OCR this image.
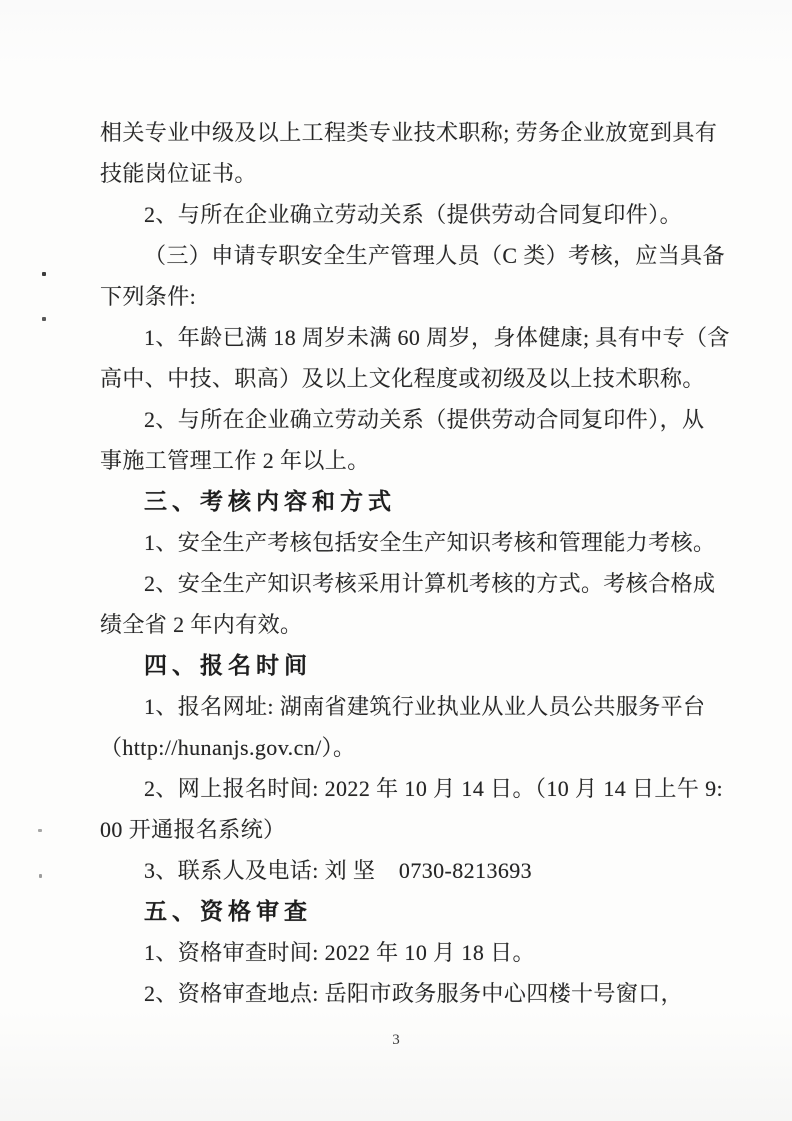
相关专业中级及以上工程类专业技术职称; 劳务企业放宽到具有

技能岗位证书。

2、与所在企业确立劳动关系（提供劳动合同复印件）。

（三）申请专职安全生产管理人员（C 类）考核，应当具备

下列条件:

1、年龄已满 18 周岁未满 60 周岁，身体健康; 具有中专（含

高中、中技、职高）及以上文化程度或初级及以上技术职称。

2、与所在企业确立劳动关系（提供劳动合同复印件），从

事施工管理工作 2 年以上。

三、考核内容和方式

1、安全生产考核包括安全生产知识考核和管理能力考核。

2、安全生产知识考核采用计算机考核的方式。考核合格成

绩全省 2 年内有效。

四、报名时间

1、报名网址: 湖南省建筑行业执业从业人员公共服务平台

（http://hunanjs.gov.cn/）。

2、网上报名时间: 2022 年 10 月 14 日。（10 月 14 日上午 9:

00 开通报名系统）

3、联系人及电话: 刘 坚    0730-8213693

五、资格审查

1、资格审查时间: 2022 年 10 月 18 日。

2、资格审查地点: 岳阳市政务服务中心四楼十号窗口，

3
